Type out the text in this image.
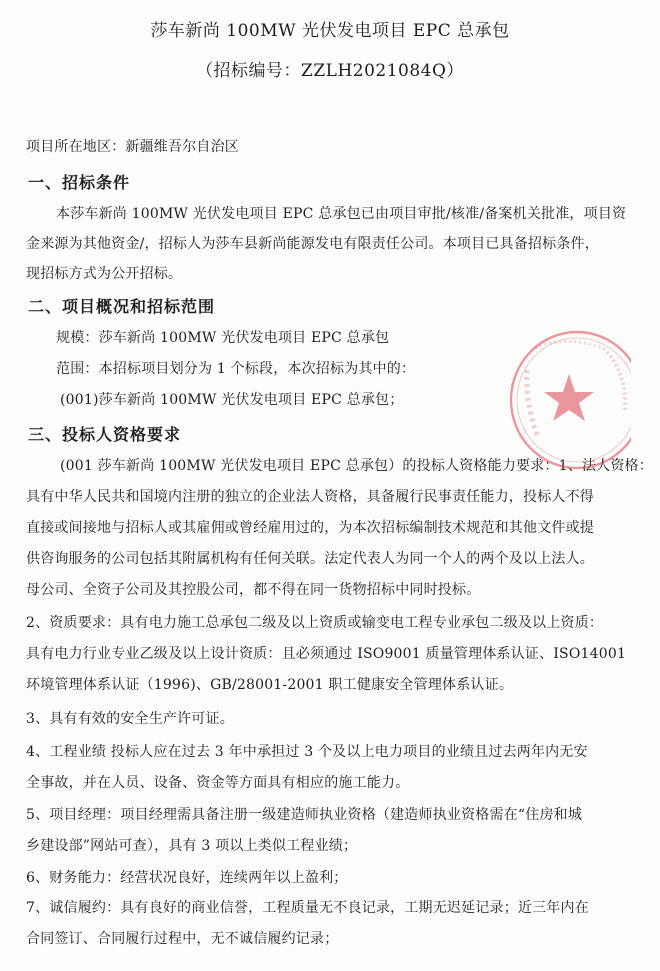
莎车新尚 100MW 光伏发电项目 EPC 总承包
（招标编号：ZZLH2021084Q）
项目所在地区：新疆维吾尔自治区
一、招标条件
本莎车新尚 100MW 光伏发电项目 EPC 总承包已由项目审批/核准/备案机关批准，项目资
金来源为其他资金/，招标人为莎车县新尚能源发电有限责任公司。本项目已具备招标条件，
现招标方式为公开招标。
二、项目概况和招标范围
规模：莎车新尚 100MW 光伏发电项目 EPC 总承包
范围：本招标项目划分为 1 个标段，本次招标为其中的：
(001)莎车新尚 100MW 光伏发电项目 EPC 总承包；
三、投标人资格要求
(001 莎车新尚 100MW 光伏发电项目 EPC 总承包）的投标人资格能力要求：1、法人资格：
具有中华人民共和国境内注册的独立的企业法人资格，具备履行民事责任能力，投标人不得
直接或间接地与招标人或其雇佣或曾经雇用过的，为本次招标编制技术规范和其他文件或提
供咨询服务的公司包括其附属机构有任何关联。法定代表人为同一个人的两个及以上法人。
母公司、全资子公司及其控股公司，都不得在同一货物招标中同时投标。
2、资质要求：具有电力施工总承包二级及以上资质或输变电工程专业承包二级及以上资质：
具有电力行业专业乙级及以上设计资质：且必须通过 ISO9001 质量管理体系认证、ISO14001
环境管理体系认证（1996)、GB/28001-2001 职工健康安全管理体系认证。
3、具有有效的安全生产许可证。
4、工程业绩 投标人应在过去 3 年中承担过 3 个及以上电力项目的业绩且过去两年内无安
全事故，并在人员、设备、资金等方面具有相应的施工能力。
5、项目经理：项目经理需具备注册一级建造师执业资格（建造师执业资格需在“住房和城
乡建设部”网站可查），具有 3 项以上类似工程业绩；
6、财务能力：经营状况良好，连续两年以上盈利；
7、诚信履约：具有良好的商业信誉，工程质量无不良记录，工期无迟延记录；近三年内在
合同签订、合同履行过程中，无不诚信履约记录；
